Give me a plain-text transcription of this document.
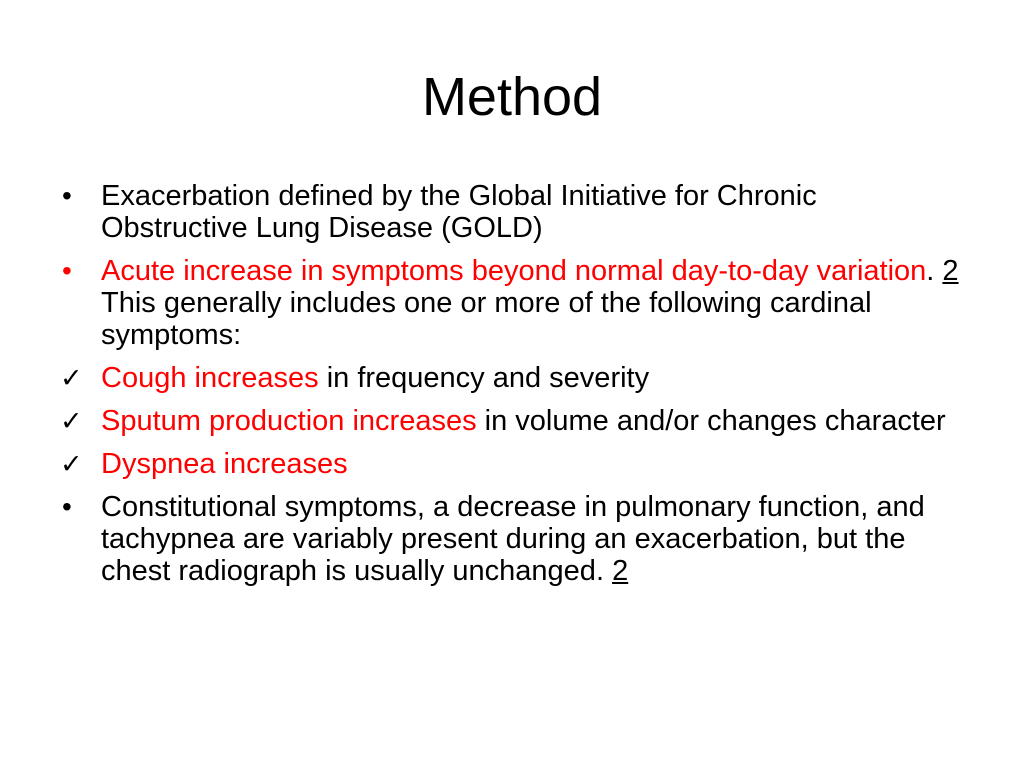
Method
•	Exacerbation defined by the Global Initiative for Chronic Obstructive Lung Disease (GOLD)
•	Acute increase in symptoms beyond normal day-to-day variation. 2 This generally includes one or more of the following cardinal symptoms:
✓ Cough increases in frequency and severity
✓ Sputum production increases in volume and/or changes character
✓ Dyspnea increases
•	Constitutional symptoms, a decrease in pulmonary function, and tachypnea are variably present during an exacerbation, but the chest radiograph is usually unchanged. 2
